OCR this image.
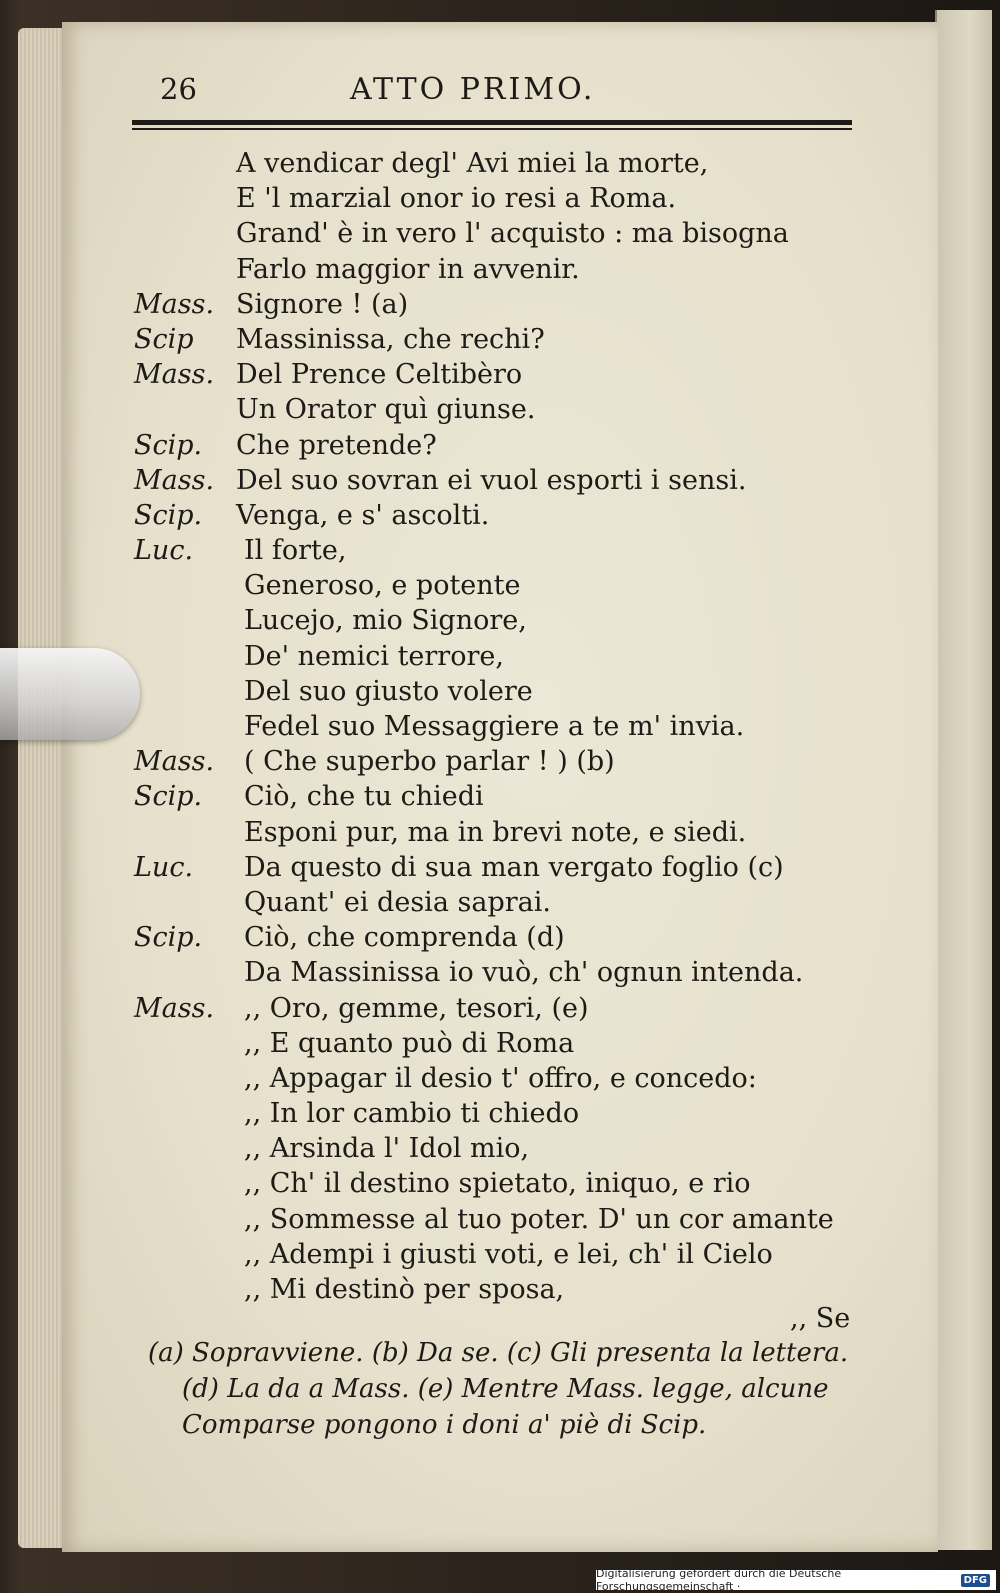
26	ATTO PRIMO.
A vendicar degl' Avi miei la morte,
E 'l marzial onor io resi a Roma.
Grand' è in vero l' acquisto : ma bisogna
Farlo maggior in avvenir.
Mass. Signore ! (a)
Scip Massinissa, che rechi?
Mass. Del Prence Celtibèro
Un Orator quì giunse.
Scip. Che pretende?
Mass. Del suo sovran ei vuol esporti i sensi.
Scip. Venga, e s' ascolti.
Luc. Il forte,
Generoso, e potente
Lucejo, mio Signore,
De' nemici terrore,
Del suo giusto volere
Fedel suo Messaggiere a te m' invia.
Mass. ( Che superbo parlar ! ) (b)
Scip. Ciò, che tu chiedi
Esponi pur, ma in brevi note, e siedi.
Luc. Da questo di sua man vergato foglio (c)
Quant' ei desia saprai.
Scip. Ciò, che comprenda (d)
Da Massinissa io vuò, ch' ognun intenda.
Mass. ,, Oro, gemme, tesori, (e)
,, E quanto può di Roma
,, Appagar il desio t' offro, e concedo:
,, In lor cambio ti chiedo
,, Arsinda l' Idol mio,
,, Ch' il destino spietato, iniquo, e rio
,, Sommesse al tuo poter. D' un cor amante
,, Adempi i giusti voti, e lei, ch' il Cielo
,, Mi destinò per sposa,
,, Se
(a) Sopravviene. (b) Da se. (c) Gli presenta la lettera.
(d) La da a Mass. (e) Mentre Mass. legge, alcune
Comparse pongono i doni a' piè di Scip.
Digitalisierung gefördert durch die Deutsche Forschungsgemeinschaft ·	DFG
